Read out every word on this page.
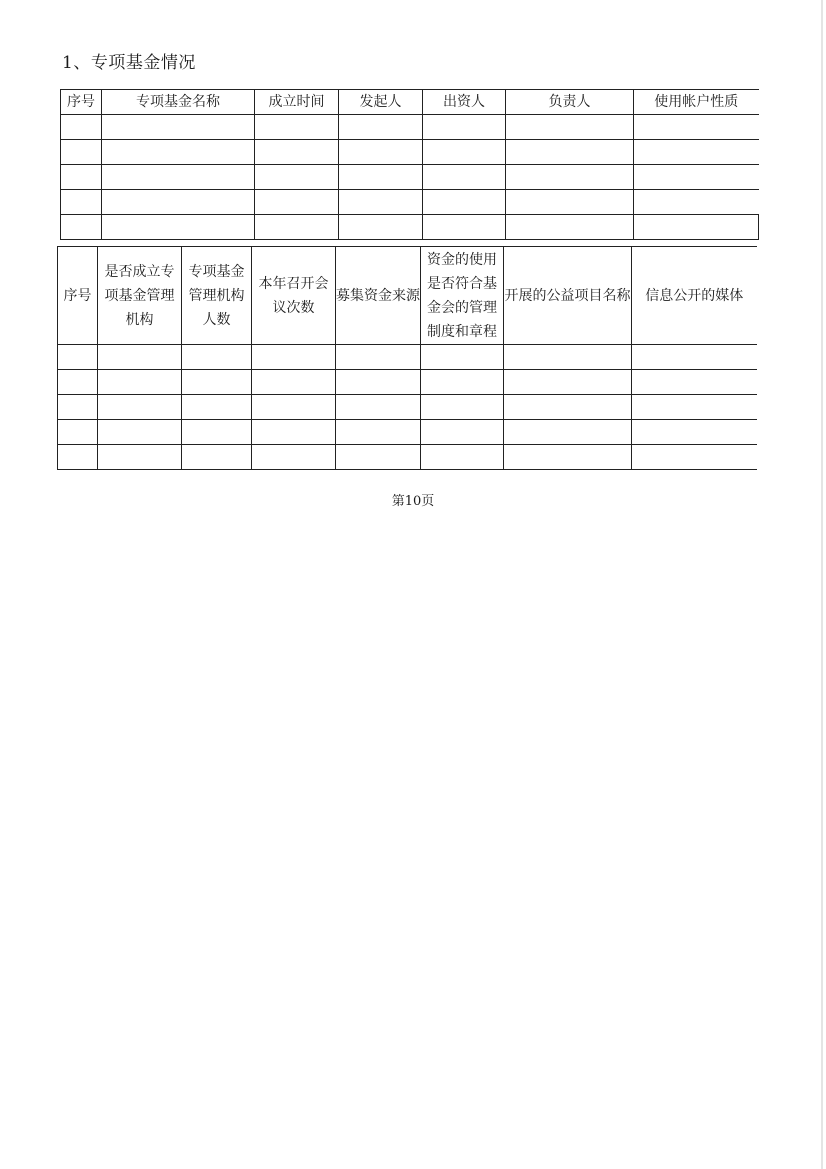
1、专项基金情况
序号	专项基金名称	成立时间	发起人	出资人	负责人	使用帐户性质

序号	是否成立专项基金管理机构	专项基金管理机构人数	本年召开会议次数	募集资金来源	资金的使用是否符合基金会的管理制度和章程	开展的公益项目名称	信息公开的媒体

第10页
